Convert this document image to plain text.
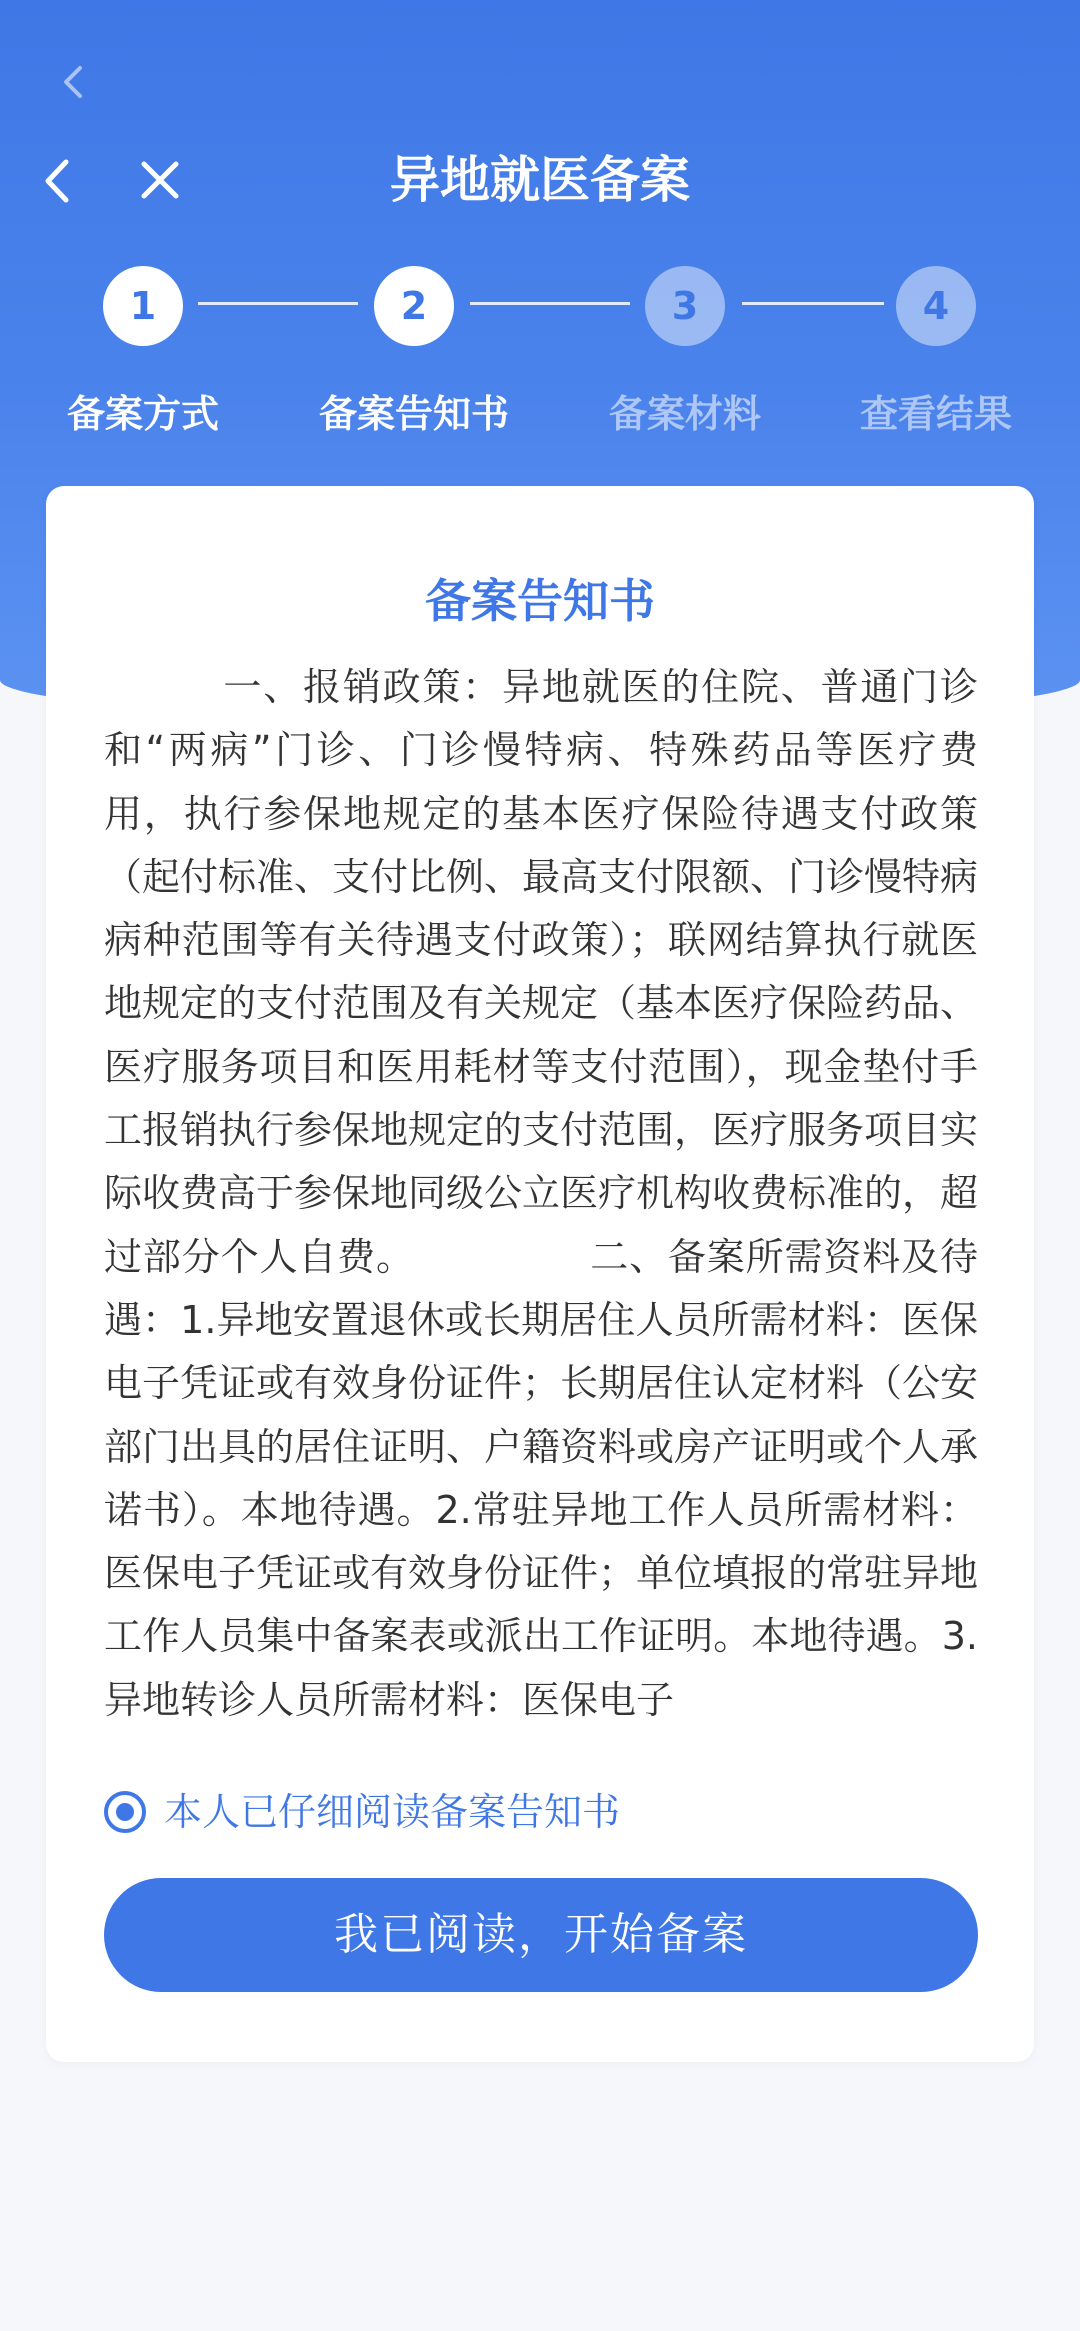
异地就医备案
1	2	3	4
备案方式	备案告知书	备案材料	查看结果
备案告知书

　　　一、报销政策：异地就医的住院、普通门诊和“两病”门诊、门诊慢特病、特殊药品等医疗费用，执行参保地规定的基本医疗保险待遇支付政策（起付标准、支付比例、最高支付限额、门诊慢特病病种范围等有关待遇支付政策）；联网结算执行就医地规定的支付范围及有关规定（基本医疗保险药品、医疗服务项目和医用耗材等支付范围），现金垫付手工报销执行参保地规定的支付范围，医疗服务项目实际收费高于参保地同级公立医疗机构收费标准的，超过部分个人自费。　　　　　二、备案所需资料及待遇：1.异地安置退休或长期居住人员所需材料：医保电子凭证或有效身份证件；长期居住认定材料（公安部门出具的居住证明、户籍资料或房产证明或个人承诺书）。本地待遇。2.常驻异地工作人员所需材料：医保电子凭证或有效身份证件；单位填报的常驻异地工作人员集中备案表或派出工作证明。本地待遇。3.异地转诊人员所需材料：医保电子

本人已仔细阅读备案告知书
我已阅读，开始备案
